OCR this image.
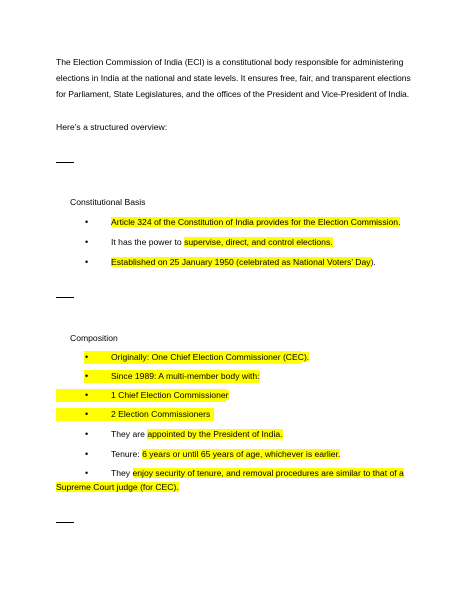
The Election Commission of India (ECI) is a constitutional body responsible for administering
elections in India at the national and state levels. It ensures free, fair, and transparent elections
for Parliament, State Legislatures, and the offices of the President and Vice-President of India.
Here’s a structured overview:
Constitutional Basis
•	Article 324 of the Constitution of India provides for the Election Commission.
•	It has the power to supervise, direct, and control elections.
•	Established on 25 January 1950 (celebrated as National Voters’ Day).
Composition
•	Originally: One Chief Election Commissioner (CEC).
•	Since 1989: A multi-member body with:
•	1 Chief Election Commissioner
•	2 Election Commissioners
•	They are appointed by the President of India.
•	Tenure: 6 years or until 65 years of age, whichever is earlier.
•	They enjoy security of tenure, and removal procedures are similar to that of a
Supreme Court judge (for CEC).
